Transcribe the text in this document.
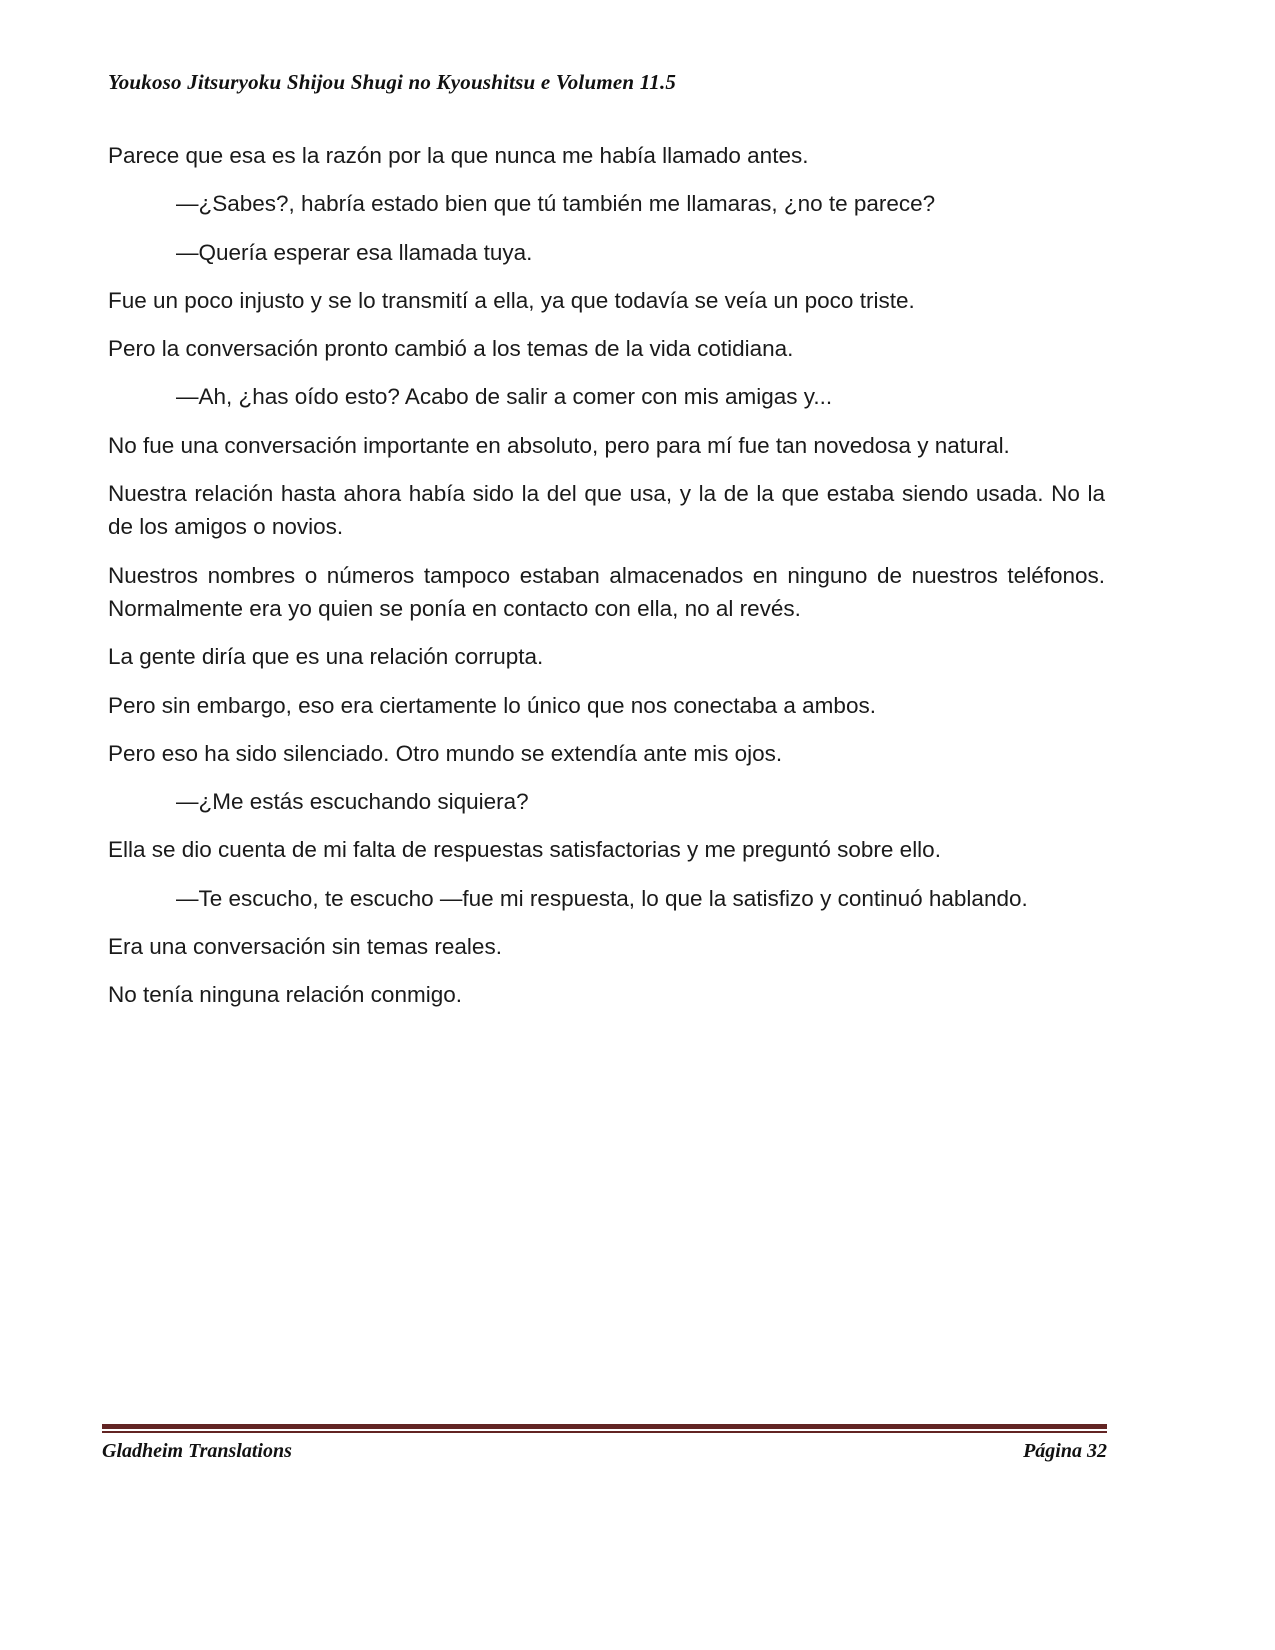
Youkoso Jitsuryoku Shijou Shugi no Kyoushitsu e Volumen 11.5

Parece que esa es la razón por la que nunca me había llamado antes.

—¿Sabes?, habría estado bien que tú también me llamaras, ¿no te parece?

—Quería esperar esa llamada tuya.

Fue un poco injusto y se lo transmití a ella, ya que todavía se veía un poco triste.

Pero la conversación pronto cambió a los temas de la vida cotidiana.

—Ah, ¿has oído esto? Acabo de salir a comer con mis amigas y...

No fue una conversación importante en absoluto, pero para mí fue tan novedosa y natural.

Nuestra relación hasta ahora había sido la del que usa, y la de la que estaba siendo usada. No la de los amigos o novios.

Nuestros nombres o números tampoco estaban almacenados en ninguno de nuestros teléfonos. Normalmente era yo quien se ponía en contacto con ella, no al revés.

La gente diría que es una relación corrupta.

Pero sin embargo, eso era ciertamente lo único que nos conectaba a ambos.

Pero eso ha sido silenciado. Otro mundo se extendía ante mis ojos.

—¿Me estás escuchando siquiera?

Ella se dio cuenta de mi falta de respuestas satisfactorias y me preguntó sobre ello.

—Te escucho, te escucho —fue mi respuesta, lo que la satisfizo y continuó hablando.

Era una conversación sin temas reales.

No tenía ninguna relación conmigo.

Gladheim Translations	Página 32
